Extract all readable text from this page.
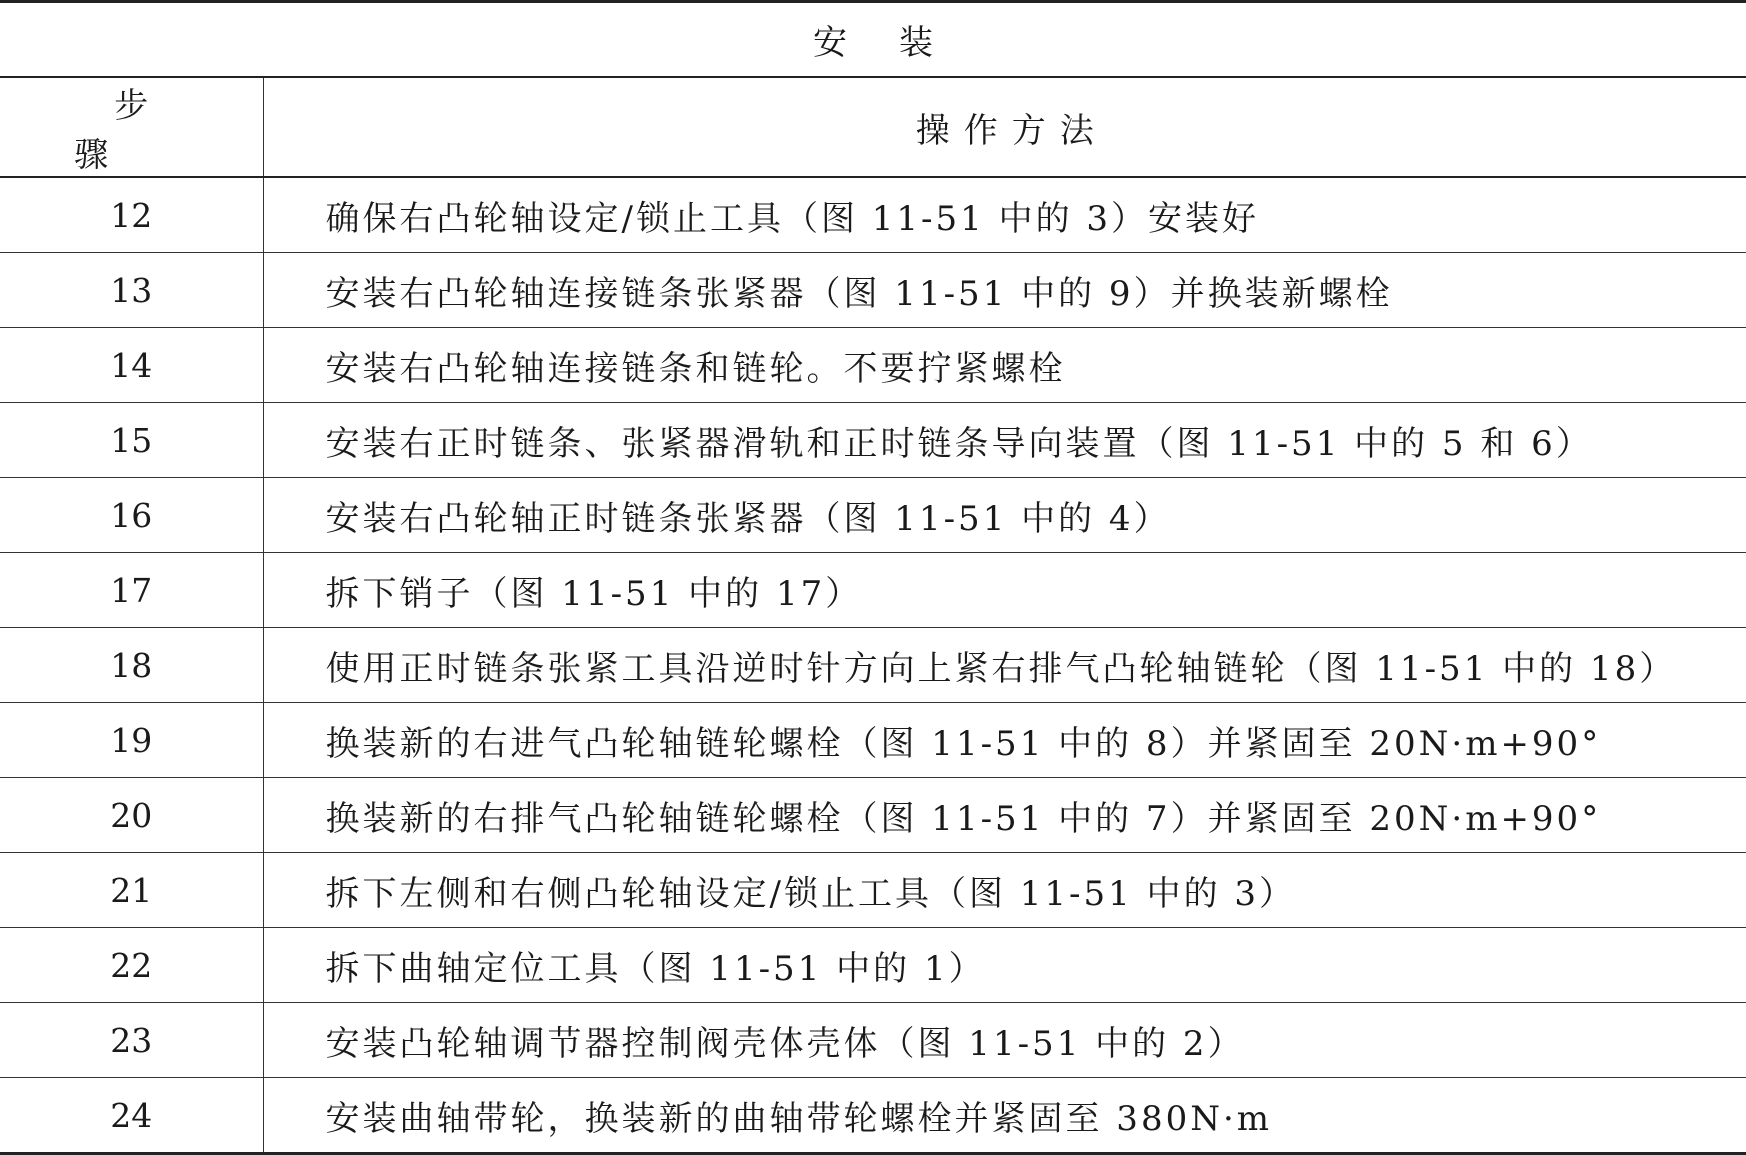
安装	
步骤	操作方法
12	确保右凸轮轴设定/锁止工具（图 11-51 中的 3）安装好
13	安装右凸轮轴连接链条张紧器（图 11-51 中的 9）并换装新螺栓
14	安装右凸轮轴连接链条和链轮。不要拧紧螺栓
15	安装右正时链条、张紧器滑轨和正时链条导向装置（图 11-51 中的 5 和 6）
16	安装右凸轮轴正时链条张紧器（图 11-51 中的 4）
17	拆下销子（图 11-51 中的 17）
18	使用正时链条张紧工具沿逆时针方向上紧右排气凸轮轴链轮（图 11-51 中的 18）
19	换装新的右进气凸轮轴链轮螺栓（图 11-51 中的 8）并紧固至 20N·m+90°
20	换装新的右排气凸轮轴链轮螺栓（图 11-51 中的 7）并紧固至 20N·m+90°
21	拆下左侧和右侧凸轮轴设定/锁止工具（图 11-51 中的 3）
22	拆下曲轴定位工具（图 11-51 中的 1）
23	安装凸轮轴调节器控制阀壳体壳体（图 11-51 中的 2）
24	安装曲轴带轮，换装新的曲轴带轮螺栓并紧固至 380N·m
